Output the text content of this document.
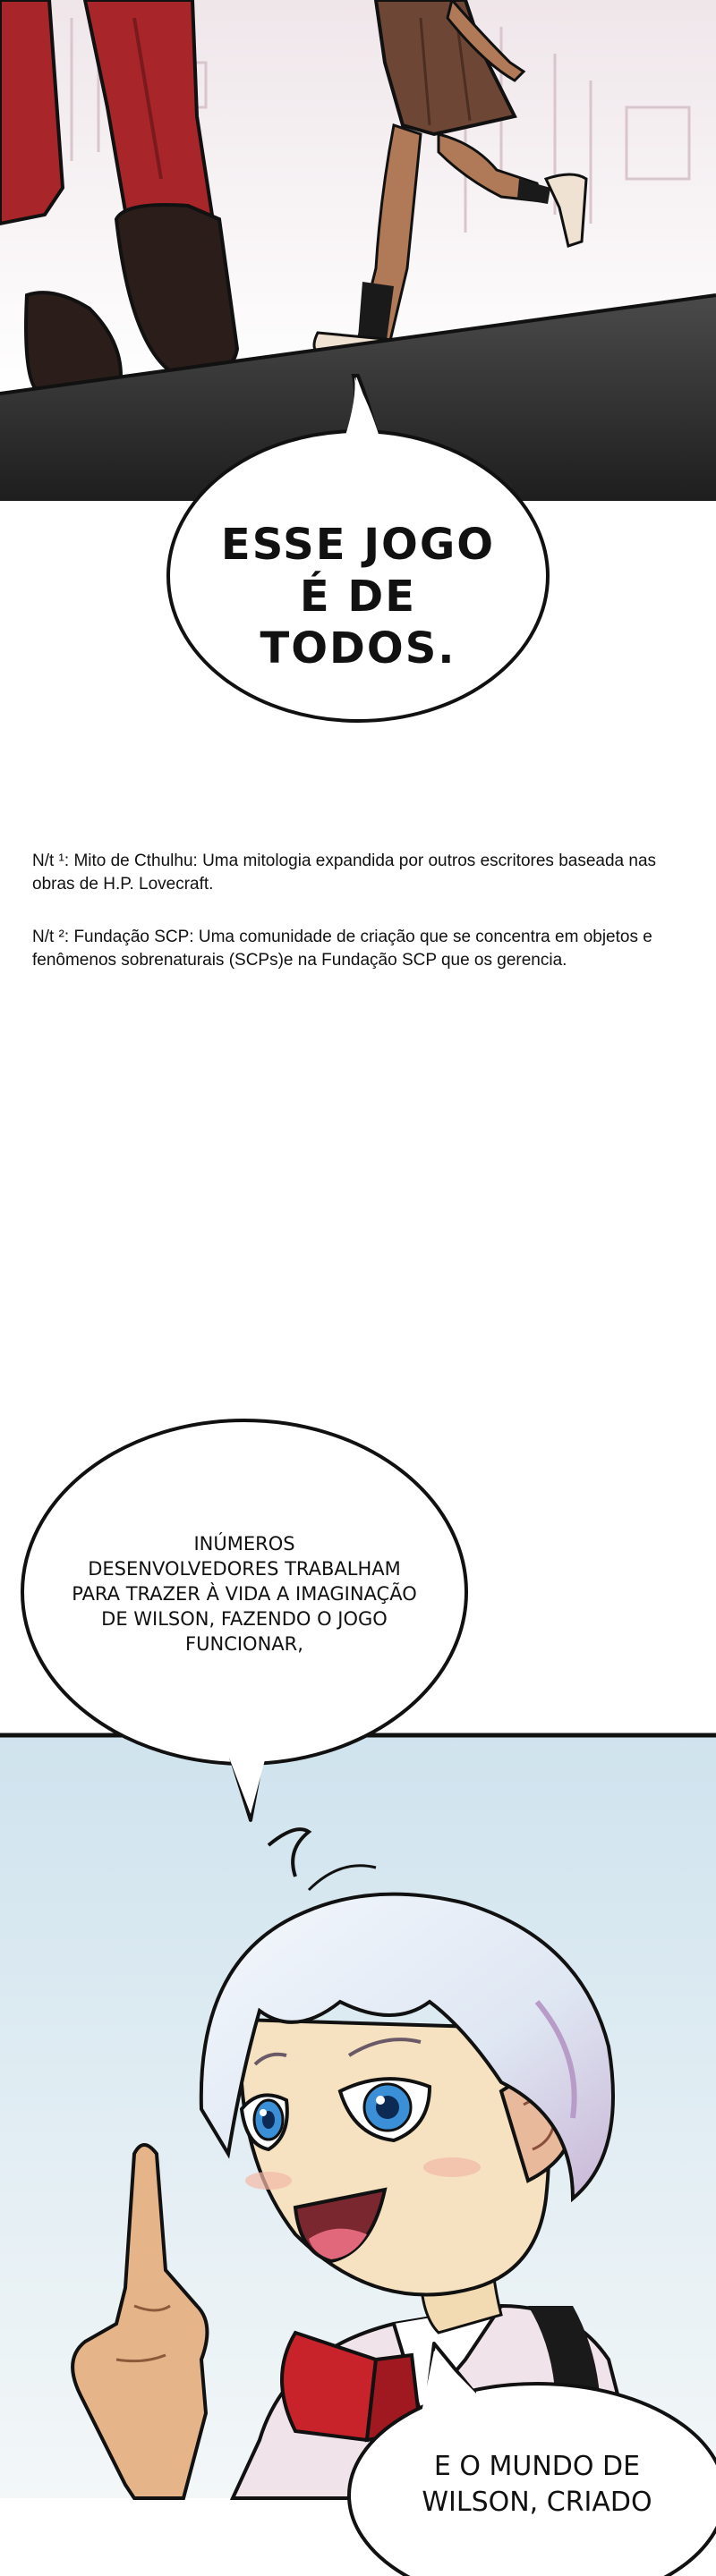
ESSE JOGO
É DE TODOS.
N/t ¹: Mito de Cthulhu: Uma mitologia expandida por outros escritores baseada nas obras de H.P. Lovecraft.
N/t ²: Fundação SCP: Uma comunidade de criação que se concentra em objetos e fenômenos sobrenaturais (SCPs)e na Fundação SCP que os gerencia.
INÚMEROS
DESENVOLVEDORES TRABALHAM
PARA TRAZER À VIDA A IMAGINAÇÃO
DE WILSON, FAZENDO O JOGO
FUNCIONAR,
E O MUNDO DE
WILSON, CRIADO
